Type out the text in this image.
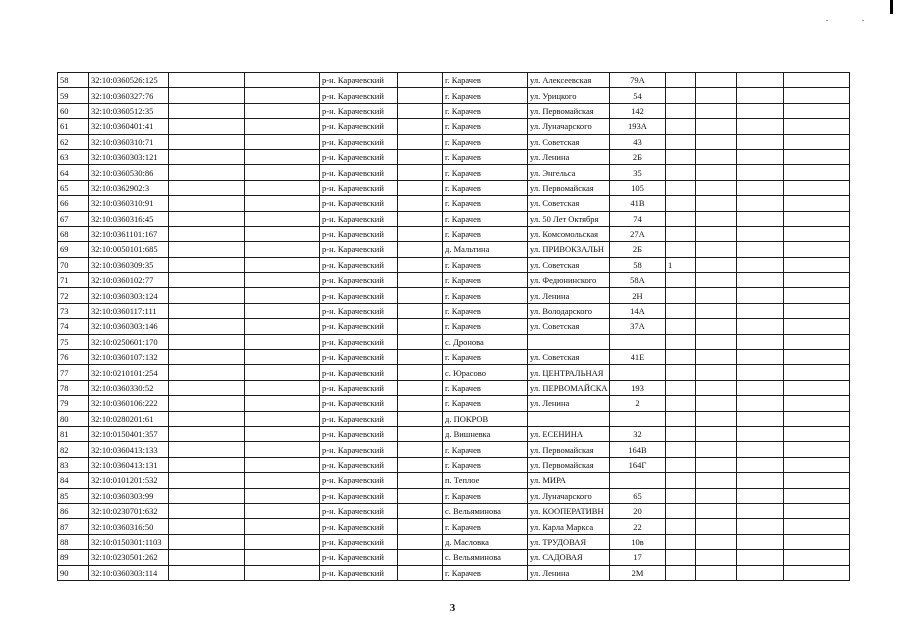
58	32:10:0360526:125			р-н. Карачевский		г. Карачев	ул. Алексеевская	79А				
59	32:10:0360327:76			р-н. Карачевский		г. Карачев	ул. Урицкого	54				
60	32:10:0360512:35			р-н. Карачевский		г. Карачев	ул. Первомайская	142				
61	32:10:0360401:41			р-н. Карачевский		г. Карачев	ул. Луначарского	193А				
62	32:10:0360310:71			р-н. Карачевский		г. Карачев	ул. Советская	43				
63	32:10:0360303:121			р-н. Карачевский		г. Карачев	ул. Ленина	2Б				
64	32:10:0360530:86			р-н. Карачевский		г. Карачев	ул. Энгельса	35				
65	32:10:0362902:3			р-н. Карачевский		г. Карачев	ул. Первомайская	105				
66	32:10:0360310:91			р-н. Карачевский		г. Карачев	ул. Советская	41В				
67	32:10:0360316:45			р-н. Карачевский		г. Карачев	ул. 50 Лет Октября	74				
68	32:10:0361101:167			р-н. Карачевский		г. Карачев	ул. Комсомольская	27А				
69	32:10:0050101:685			р-н. Карачевский		д. Мальтина	ул. ПРИВОКЗАЛЬН	2Б				
70	32:10:0360309:35			р-н. Карачевский		г. Карачев	ул. Советская	58	1			
71	32:10:0360102:77			р-н. Карачевский		г. Карачев	ул. Федюнинского	58А				
72	32:10:0360303:124			р-н. Карачевский		г. Карачев	ул. Ленина	2Н				
73	32:10:0360117:111			р-н. Карачевский		г. Карачев	ул. Володарского	14А				
74	32:10:0360303:146			р-н. Карачевский		г. Карачев	ул. Советская	37А				
75	32:10:0250601:170			р-н. Карачевский		с. Дронова						
76	32:10:0360107:132			р-н. Карачевский		г. Карачев	ул. Советская	41Е				
77	32:10:0210101:254			р-н. Карачевский		с. Юрасово	ул. ЦЕНТРАЛЬНАЯ					
78	32:10:0360330:52			р-н. Карачевский		г. Карачев	ул. ПЕРВОМАЙСКА	193				
79	32:10:0360106:222			р-н. Карачевский		г. Карачев	ул. Ленина	2				
80	32:10:0280201:61			р-н. Карачевский		д. ПОКРОВ						
81	32:10:0150401:357			р-н. Карачевский		д. Вишневка	ул. ЕСЕНИНА	32				
82	32:10:0360413:133			р-н. Карачевский		г. Карачев	ул. Первомайская	164В				
83	32:10:0360413:131			р-н. Карачевский		г. Карачев	ул. Первомайская	164Г				
84	32:10:0101201:532			р-н. Карачевский		п. Теплое	ул. МИРА					
85	32:10:0360303:99			р-н. Карачевский		г. Карачев	ул. Луначарского	65				
86	32:10:0230701:632			р-н. Карачевский		с. Вельяминова	ул. КООПЕРАТИВН	20				
87	32:10:0360316:50			р-н. Карачевский		г. Карачев	ул. Карла Маркса	22				
88	32:10:0150301:1103			р-н. Карачевский		д. Масловка	ул. ТРУДОВАЯ	10в				
89	32:10:0230501:262			р-н. Карачевский		с. Вельяминова	ул. САДОВАЯ	17				
90	32:10:0360303:114			р-н. Карачевский		г. Карачев	ул. Ленина	2М				
3
